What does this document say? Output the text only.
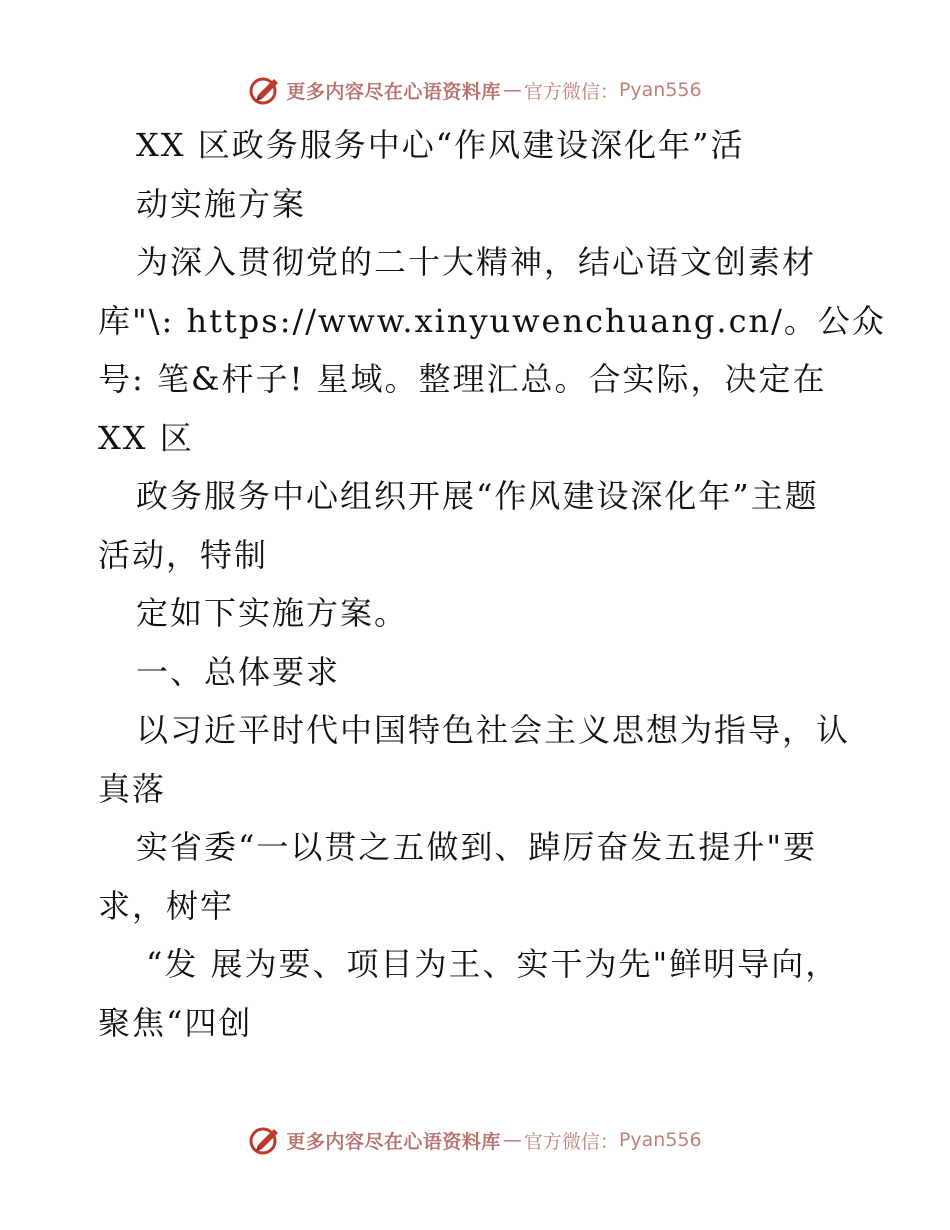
更多内容尽在心语资料库 — 官方微信： Pyan556
XX 区政务服务中心“作风建设深化年”活
动实施方案
为深入贯彻党的二十大精神，结心语文创素材
库"\: https://www.xinyuwenchuang.cn/。公众
号: 笔&杆子! 星域。整理汇总。合实际，决定在
XX 区
政务服务中心组织开展“作风建设深化年”主题
活动，特制
定如下实施方案。
一、总体要求
以习近平时代中国特色社会主义思想为指导，认
真落
实省委“一以贯之五做到、踔厉奋发五提升"要
求，树牢
“发 展为要、项目为王、实干为先"鲜明导向，
聚焦“四创
更多内容尽在心语资料库 — 官方微信： Pyan556
